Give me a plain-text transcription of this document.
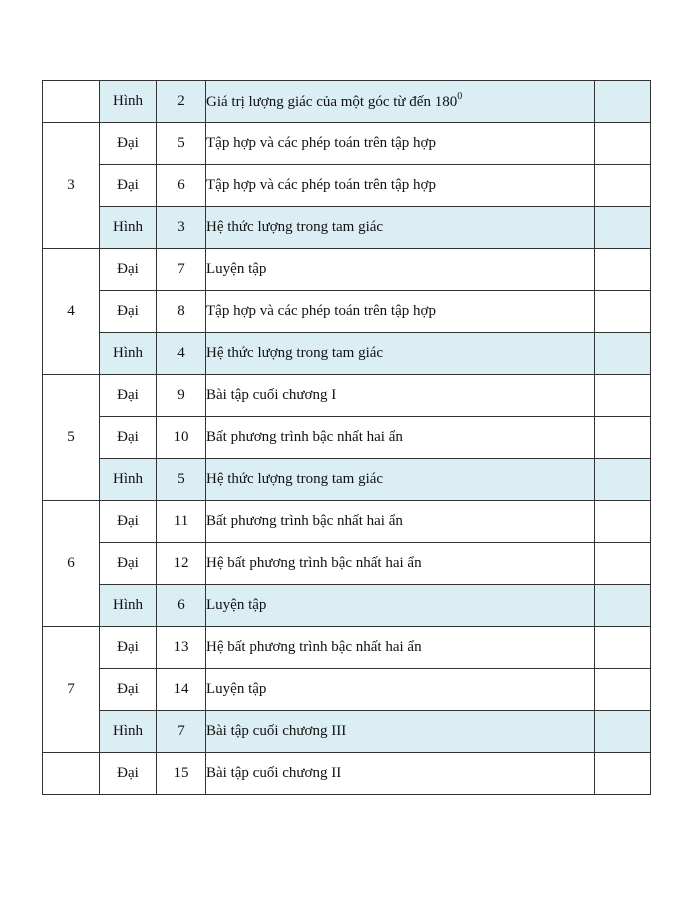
	Hình	2	Giá trị lượng giác của một góc từ đến $180^0$	
3	Đại	5	Tập hợp và các phép toán trên tập hợp	
	Đại	6	Tập hợp và các phép toán trên tập hợp	
	Hình	3	Hệ thức lượng trong tam giác	
4	Đại	7	Luyện tập	
	Đại	8	Tập hợp và các phép toán trên tập hợp	
	Hình	4	Hệ thức lượng trong tam giác	
5	Đại	9	Bài tập cuối chương I	
	Đại	10	Bất phương trình bậc nhất hai ẩn	
	Hình	5	Hệ thức lượng trong tam giác	
6	Đại	11	Bất phương trình bậc nhất hai ẩn	
	Đại	12	Hệ bất phương trình bậc nhất hai ẩn	
	Hình	6	Luyện tập	
7	Đại	13	Hệ bất phương trình bậc nhất hai ẩn	
	Đại	14	Luyện tập	
	Hình	7	Bài tập cuối chương III	
	Đại	15	Bài tập cuối chương II	
